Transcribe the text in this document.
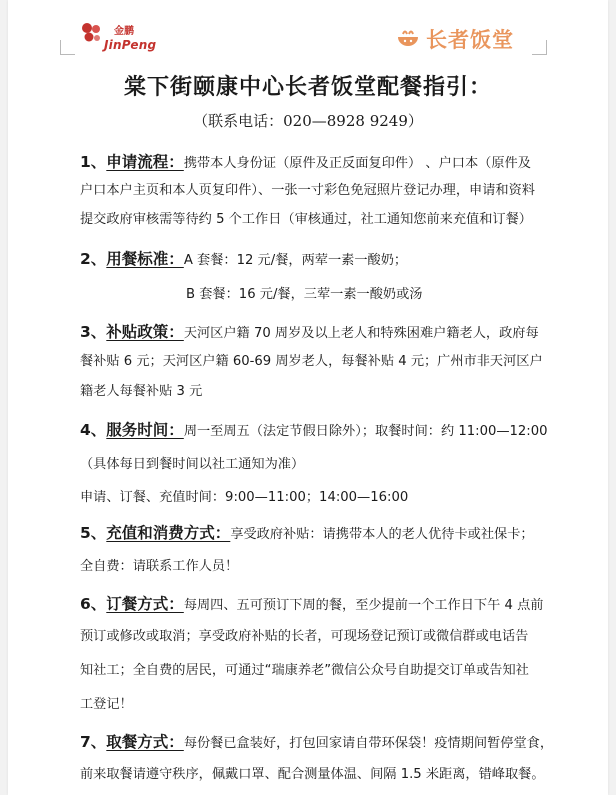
金鹏
JinPeng	长者饭堂
棠下街颐康中心长者饭堂配餐指引：
（联系电话：020—8928 9249）
1、申请流程：携带本人身份证（原件及正反面复印件） 、户口本（原件及
户口本户主页和本人页复印件）、一张一寸彩色免冠照片登记办理，申请和资料
提交政府审核需等待约 5 个工作日（审核通过，社工通知您前来充值和订餐）
2、用餐标准：A 套餐：12 元/餐，两荤一素一酸奶；
B 套餐：16 元/餐，三荤一素一酸奶或汤
3、补贴政策：天河区户籍 70 周岁及以上老人和特殊困难户籍老人，政府每
餐补贴 6 元；天河区户籍 60-69 周岁老人，每餐补贴 4 元；广州市非天河区户
籍老人每餐补贴 3 元
4、服务时间：周一至周五（法定节假日除外）；取餐时间：约 11:00—12:00
（具体每日到餐时间以社工通知为准）
申请、订餐、充值时间：9:00—11:00；14:00—16:00
5、充值和消费方式：享受政府补贴：请携带本人的老人优待卡或社保卡；
全自费：请联系工作人员！
6、订餐方式：每周四、五可预订下周的餐，至少提前一个工作日下午 4 点前
预订或修改或取消；享受政府补贴的长者，可现场登记预订或微信群或电话告
知社工；全自费的居民，可通过“瑞康养老”微信公众号自助提交订单或告知社
工登记！
7、取餐方式：每份餐已盒装好，打包回家请自带环保袋！疫情期间暂停堂食，
前来取餐请遵守秩序，佩戴口罩、配合测量体温、间隔 1.5 米距离，错峰取餐。
